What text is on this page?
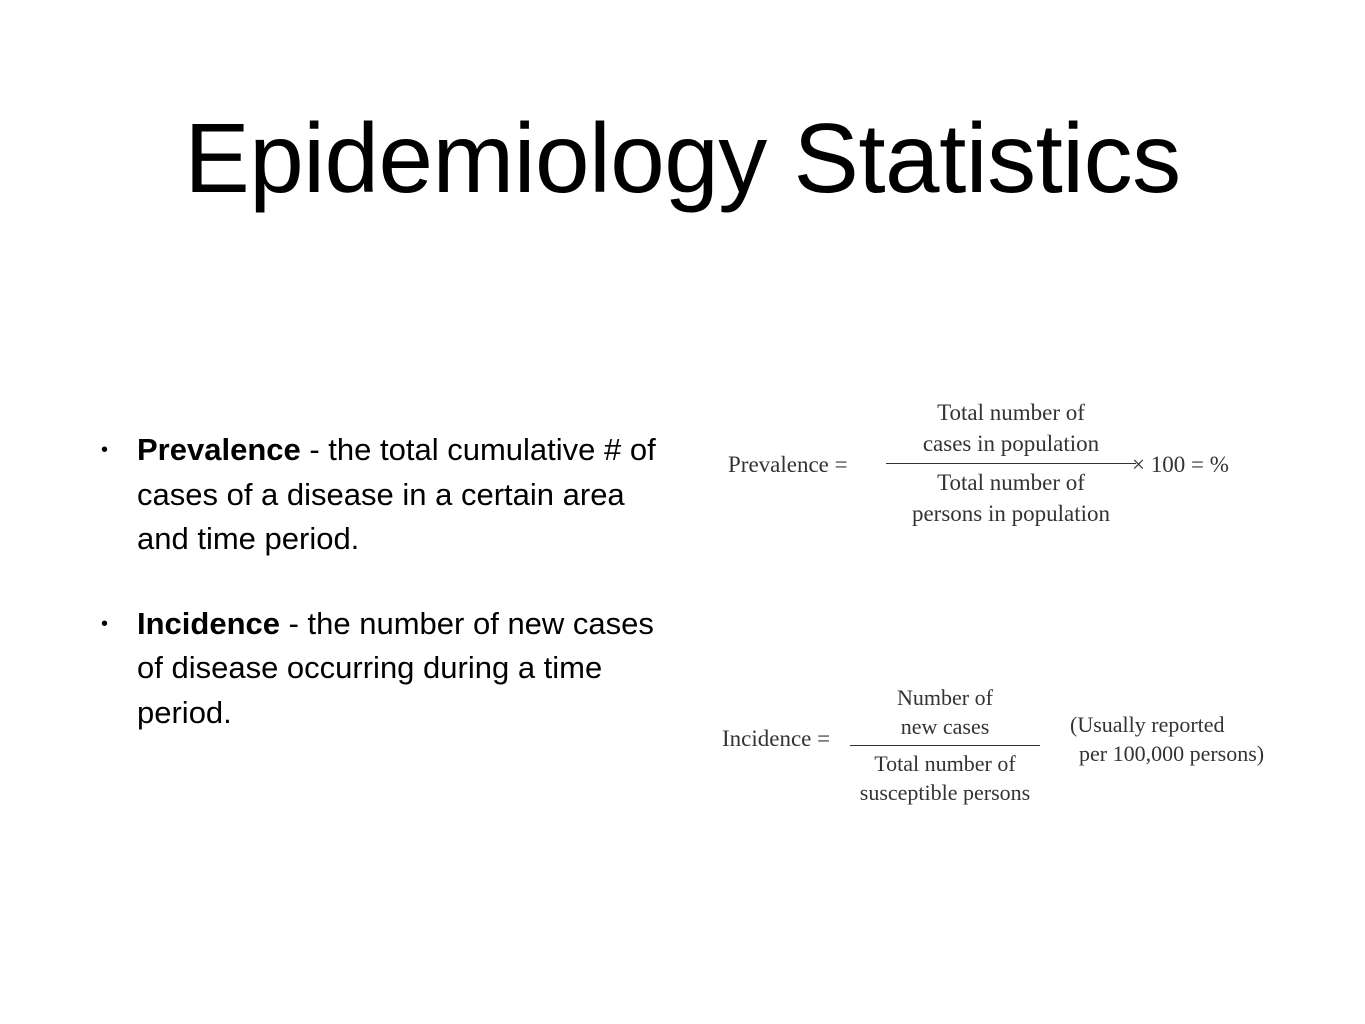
Epidemiology Statistics
• Prevalence - the total cumulative # of cases of a disease in a certain area and time period.
• Incidence - the number of new cases of disease occurring during a time period.
Prevalence =
Total number of
cases in population
Total number of
persons in population
× 100 = %
Incidence =
Number of
new cases
Total number of
susceptible persons
(Usually reported
per 100,000 persons)
